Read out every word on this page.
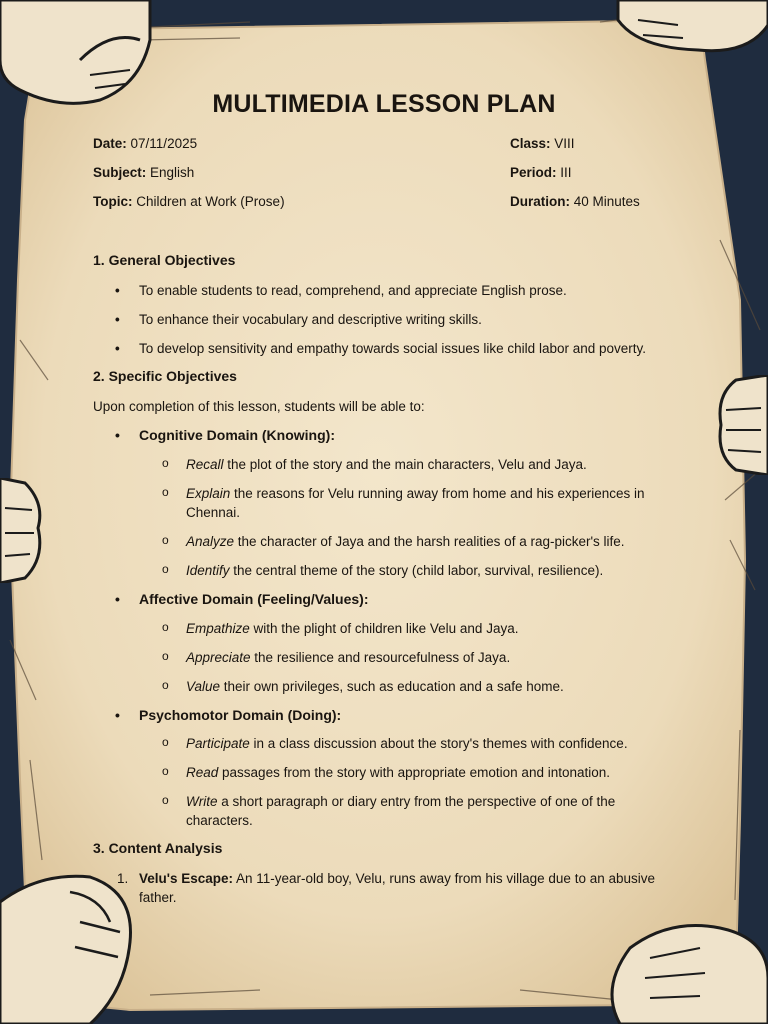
MULTIMEDIA LESSON PLAN
Date: 07/11/2025	Class: VIII
Subject: English	Period: III
Topic: Children at Work (Prose)	Duration: 40 Minutes
1. General Objectives
• To enable students to read, comprehend, and appreciate English prose.
• To enhance their vocabulary and descriptive writing skills.
• To develop sensitivity and empathy towards social issues like child labor and poverty.
2. Specific Objectives
Upon completion of this lesson, students will be able to:
• Cognitive Domain (Knowing):
o Recall the plot of the story and the main characters, Velu and Jaya.
o Explain the reasons for Velu running away from home and his experiences in Chennai.
o Analyze the character of Jaya and the harsh realities of a rag-picker's life.
o Identify the central theme of the story (child labor, survival, resilience).
• Affective Domain (Feeling/Values):
o Empathize with the plight of children like Velu and Jaya.
o Appreciate the resilience and resourcefulness of Jaya.
o Value their own privileges, such as education and a safe home.
• Psychomotor Domain (Doing):
o Participate in a class discussion about the story's themes with confidence.
o Read passages from the story with appropriate emotion and intonation.
o Write a short paragraph or diary entry from the perspective of one of the characters.
3. Content Analysis
1. Velu's Escape: An 11-year-old boy, Velu, runs away from his village due to an abusive father.
